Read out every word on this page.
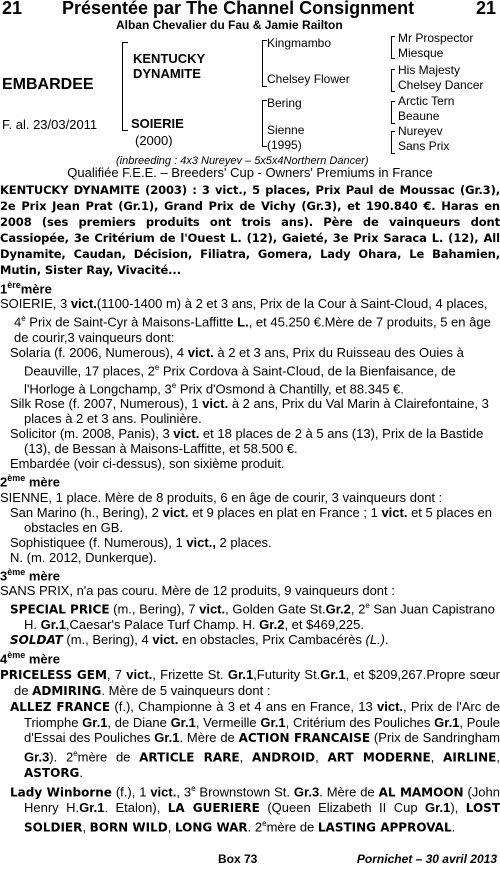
21 Présentée par The Channel Consignment	21
Alban Chevalier du Fau & Jamie Railton
EMBARDEE
F. al. 23/03/2011
KENTUCKY
DYNAMITE
SOIERIE
(2000)
Kingmambo
Chelsey Flower
Bering
Sienne
(1995)
Mr Prospector
Miesque
His Majesty
Chelsey Dancer
Arctic Tern
Beaune
Nureyev
Sans Prix
(inbreeding : 4x3 Nureyev – 5x5x4Northern Dancer)

Qualifiée F.E.E. – Breeders' Cup - Owners' Premiums in France

KENTUCKY DYNAMITE (2003) : 3 vict., 5 places, Prix Paul de Moussac (Gr.3), 2e Prix Jean Prat (Gr.1), Grand Prix de Vichy (Gr.3), et 190.840 €. Haras en 2008 (ses premiers produits ont trois ans). Père de vainqueurs dont Cassiopée, 3e Critérium de l'Ouest L. (12), Gaieté, 3e Prix Saraca L. (12), All Dynamite, Caudan, Décision, Filiatra, Gomera, Lady Ohara, Le Bahamien, Mutin, Sister Ray, Vivacité...

1èremère

SOIERIE, 3 vict.(1100-1400 m) à 2 et 3 ans, Prix de la Cour à Saint-Cloud, 4 places, 4e Prix de Saint-Cyr à Maisons-Laffitte L., et 45.250 €.Mère de 7 produits, 5 en âge de courir,3 vainqueurs dont:

Solaria (f. 2006, Numerous), 4 vict. à 2 et 3 ans, Prix du Ruisseau des Ouies à Deauville, 17 places, 2e Prix Cordova à Saint-Cloud, de la Bienfaisance, de l'Horloge à Longchamp, 3e Prix d'Osmond à Chantilly, et 88.345 €.

Silk Rose (f. 2007, Numerous), 1 vict. à 2 ans, Prix du Val Marin à Clairefontaine, 3 places à 2 et 3 ans. Poulinière.

Solicitor (m. 2008, Panis), 3 vict. et 18 places de 2 à 5 ans (13), Prix de la Bastide (13), de Bessan à Maisons-Laffitte, et 58.500 €.

Embardée (voir ci-dessus), son sixième produit.

2ème mère

SIENNE, 1 place. Mère de 8 produits, 6 en âge de courir, 3 vainqueurs dont :

San Marino (h., Bering), 2 vict. et 9 places en plat en France ; 1 vict. et 5 places en obstacles en GB.

Sophistiquee (f. Numerous), 1 vict., 2 places.

N. (m. 2012, Dunkerque).

3ème mère

SANS PRIX, n'a pas couru. Mère de 12 produits, 9 vainqueurs dont :

SPECIAL PRICE (m., Bering), 7 vict., Golden Gate St.Gr.2, 2e San Juan Capistrano H. Gr.1,Caesar's Palace Turf Champ. H. Gr.2, et $469,225.

SOLDAT (m., Bering), 4 vict. en obstacles, Prix Cambacérès (L.).

4ème mère

PRICELESS GEM, 7 vict., Frizette St. Gr.1,Futurity St.Gr.1, et $209,267.Propre sœur de ADMIRING. Mère de 5 vainqueurs dont :

ALLEZ FRANCE (f.), Championne à 3 et 4 ans en France, 13 vict., Prix de l'Arc de Triomphe Gr.1, de Diane Gr.1, Vermeille Gr.1, Critérium des Pouliches Gr.1, Poule d'Essai des Pouliches Gr.1. Mère de ACTION FRANCAISE (Prix de Sandringham Gr.3). 2emère de ARTICLE RARE, ANDROID, ART MODERNE, AIRLINE, ASTORG.

Lady Winborne (f.), 1 vict., 3e Brownstown St. Gr.3. Mère de AL MAMOON (John Henry H.Gr.1. Etalon), LA GUERIERE (Queen Elizabeth II Cup Gr.1), LOST SOLDIER, BORN WILD, LONG WAR. 2emère de LASTING APPROVAL.

Box 73	Pornichet – 30 avril 2013
